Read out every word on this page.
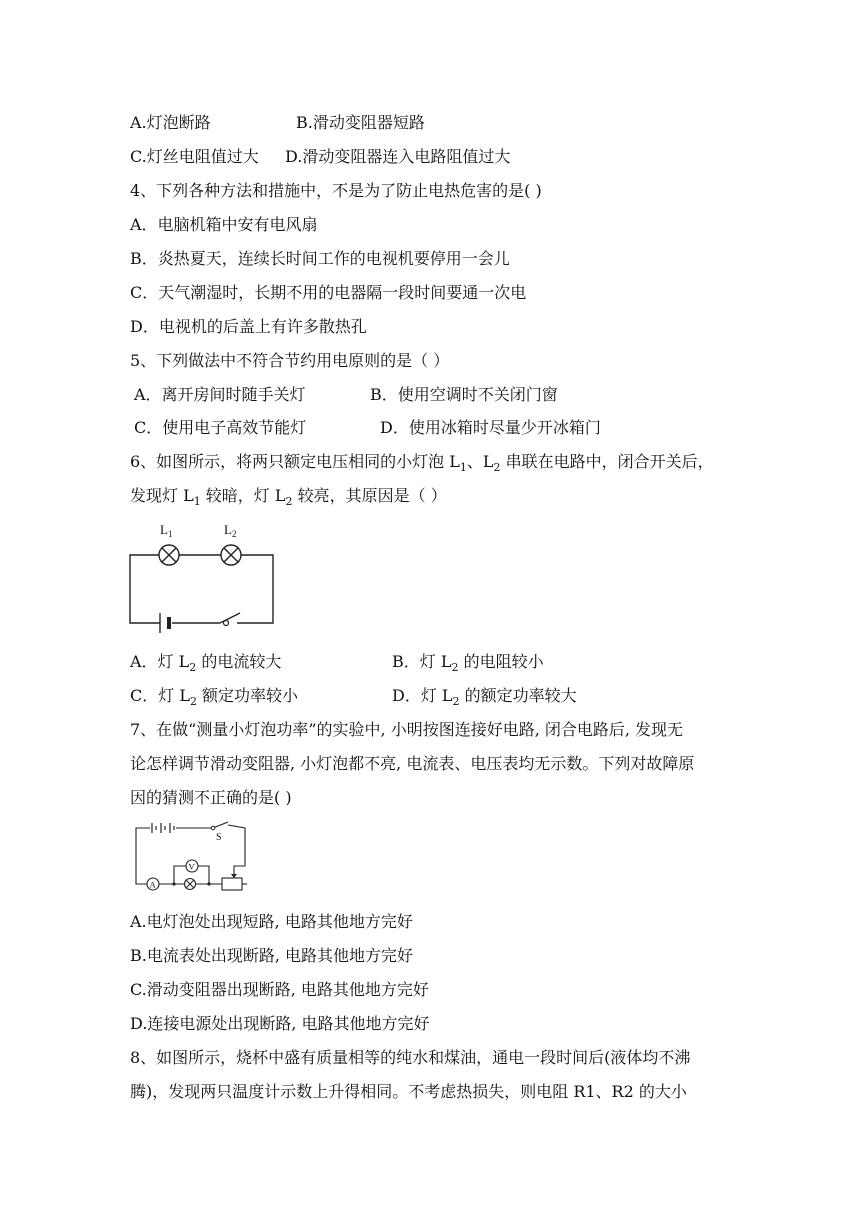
A.灯泡断路	B.滑动变阻器短路
C.灯丝电阻值过大 D.滑动变阻器连入电路阻值过大
4、下列各种方法和措施中，不是为了防止电热危害的是( )
A．电脑机箱中安有电风扇
B．炎热夏天，连续长时间工作的电视机要停用一会儿
C．天气潮湿时，长期不用的电器隔一段时间要通一次电
D．电视机的后盖上有许多散热孔
5、下列做法中不符合节约用电原则的是（ ）
A．离开房间时随手关灯	B．使用空调时不关闭门窗
C．使用电子高效节能灯	D．使用冰箱时尽量少开冰箱门
6、如图所示，将两只额定电压相同的小灯泡 $L_1$、$L_2$ 串联在电路中，闭合开关后，
发现灯 $L_1$ 较暗，灯 $L_2$ 较亮，其原因是（ ）
$L_1$	$L_2$
A．灯 $L_2$ 的电流较大	B．灯 $L_2$ 的电阻较小
C．灯 $L_2$ 额定功率较小	D．灯 $L_2$ 的额定功率较大
7、在做“测量小灯泡功率”的实验中, 小明按图连接好电路, 闭合电路后, 发现无
论怎样调节滑动变阻器, 小灯泡都不亮, 电流表、电压表均无示数。下列对故障原
因的猜测不正确的是( )
S
V
A
A.电灯泡处出现短路, 电路其他地方完好
B.电流表处出现断路, 电路其他地方完好
C.滑动变阻器出现断路, 电路其他地方完好
D.连接电源处出现断路, 电路其他地方完好
8、如图所示，烧杯中盛有质量相等的纯水和煤油，通电一段时间后(液体均不沸
腾)，发现两只温度计示数上升得相同。不考虑热损失，则电阻 R1、R2 的大小
